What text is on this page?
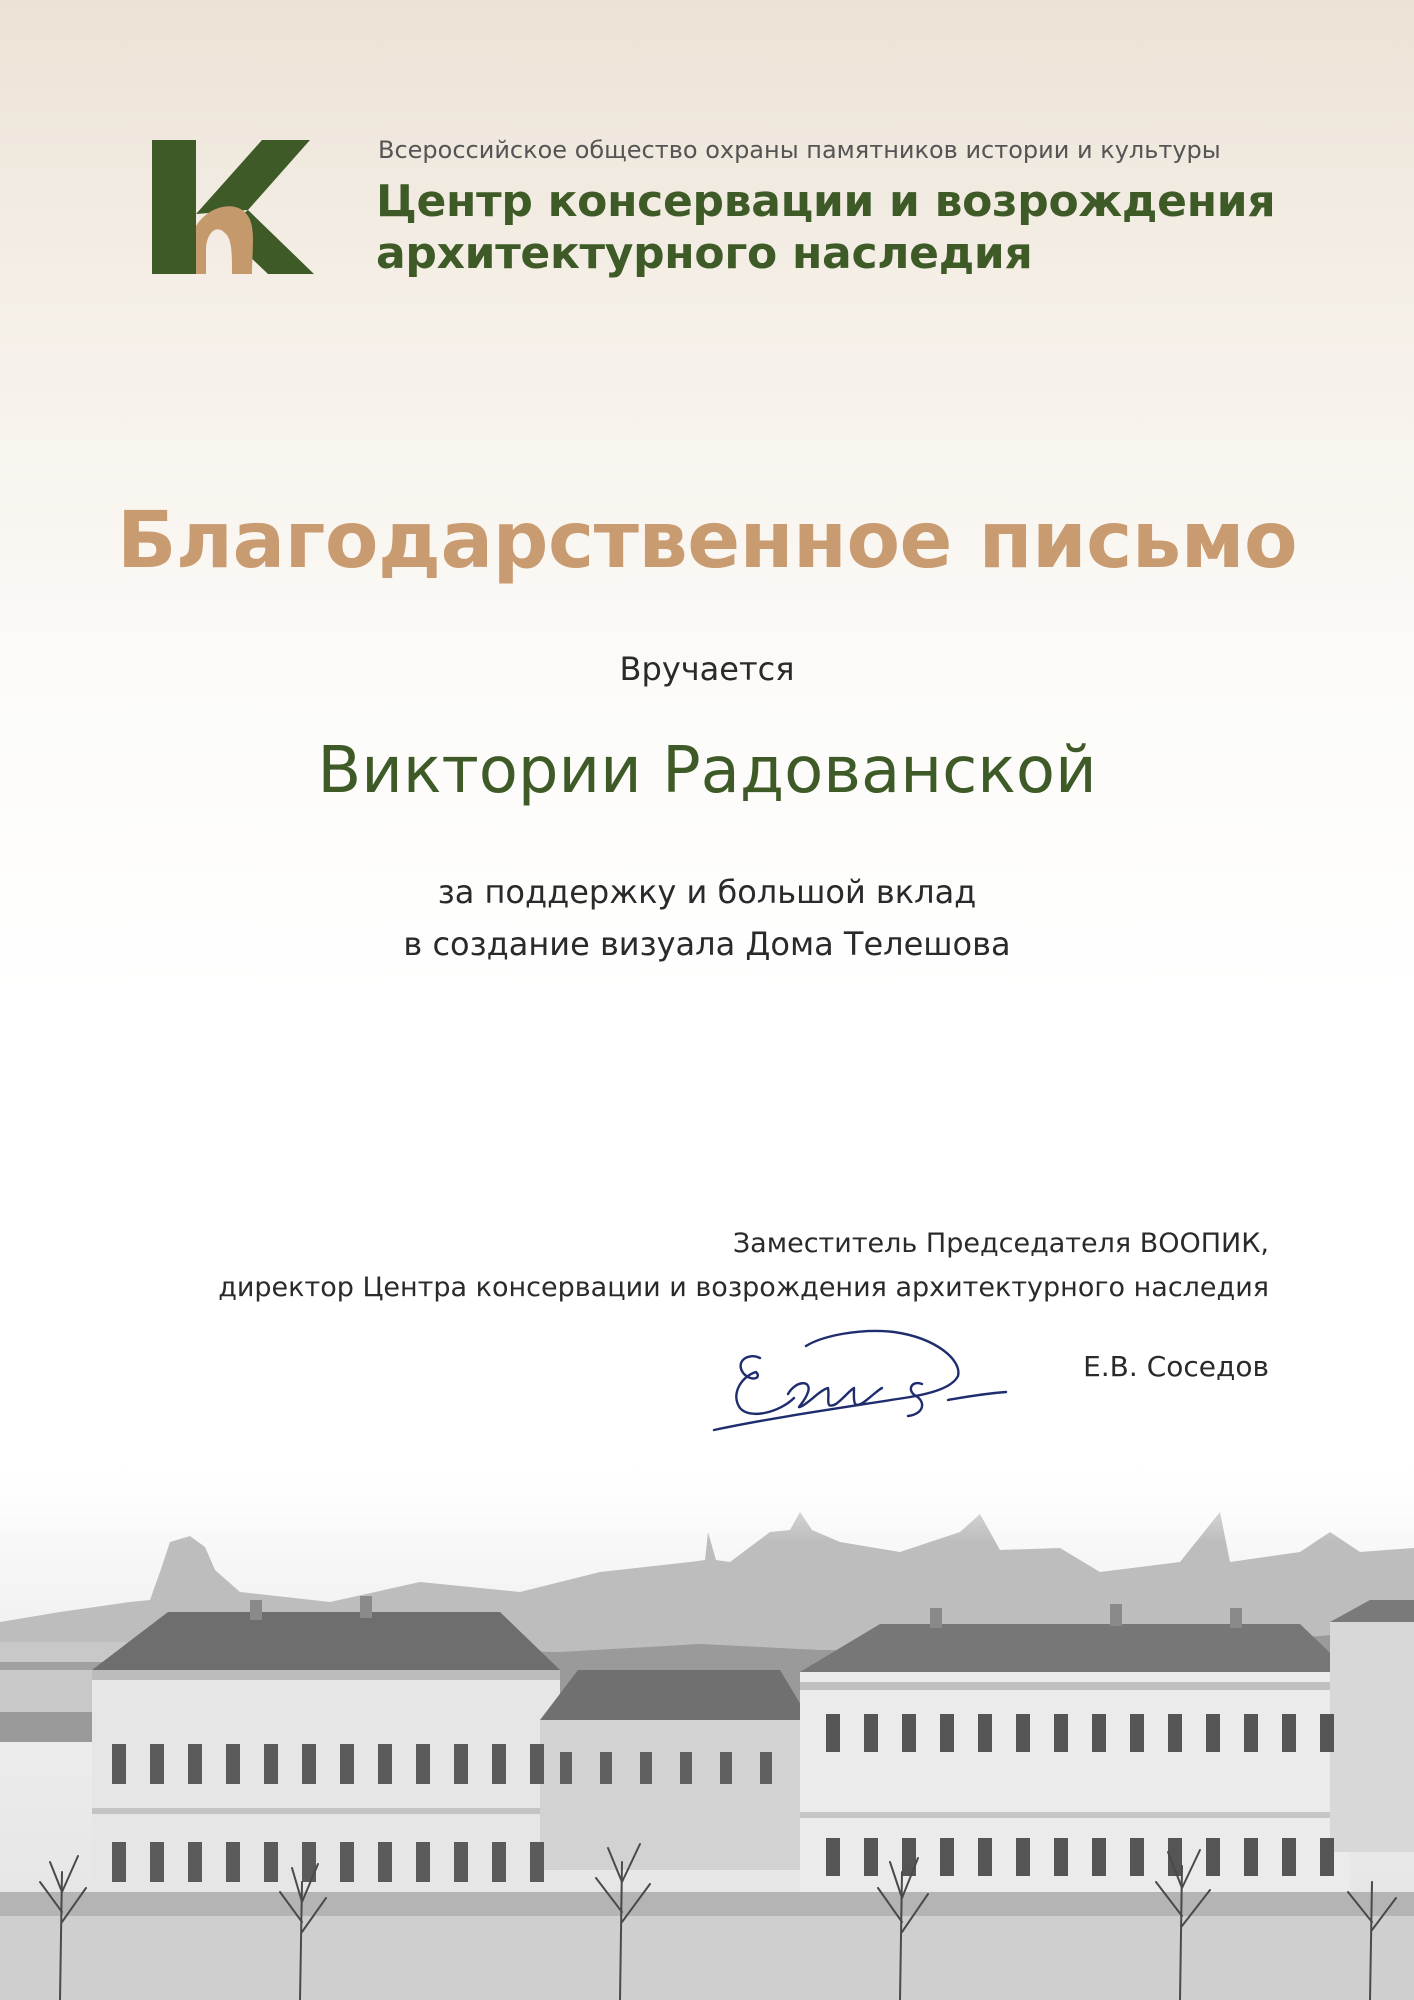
Всероссийское общество охраны памятников истории и культуры
Центр консервации и возрождения
архитектурного наследия
Благодарственное письмо
Вручается
Виктории Радованской
за поддержку и большой вклад
в создание визуала Дома Телешова
Заместитель Председателя ВООПИК,
директор Центра консервации и возрождения архитектурного наследия
Е.В. Соседов
